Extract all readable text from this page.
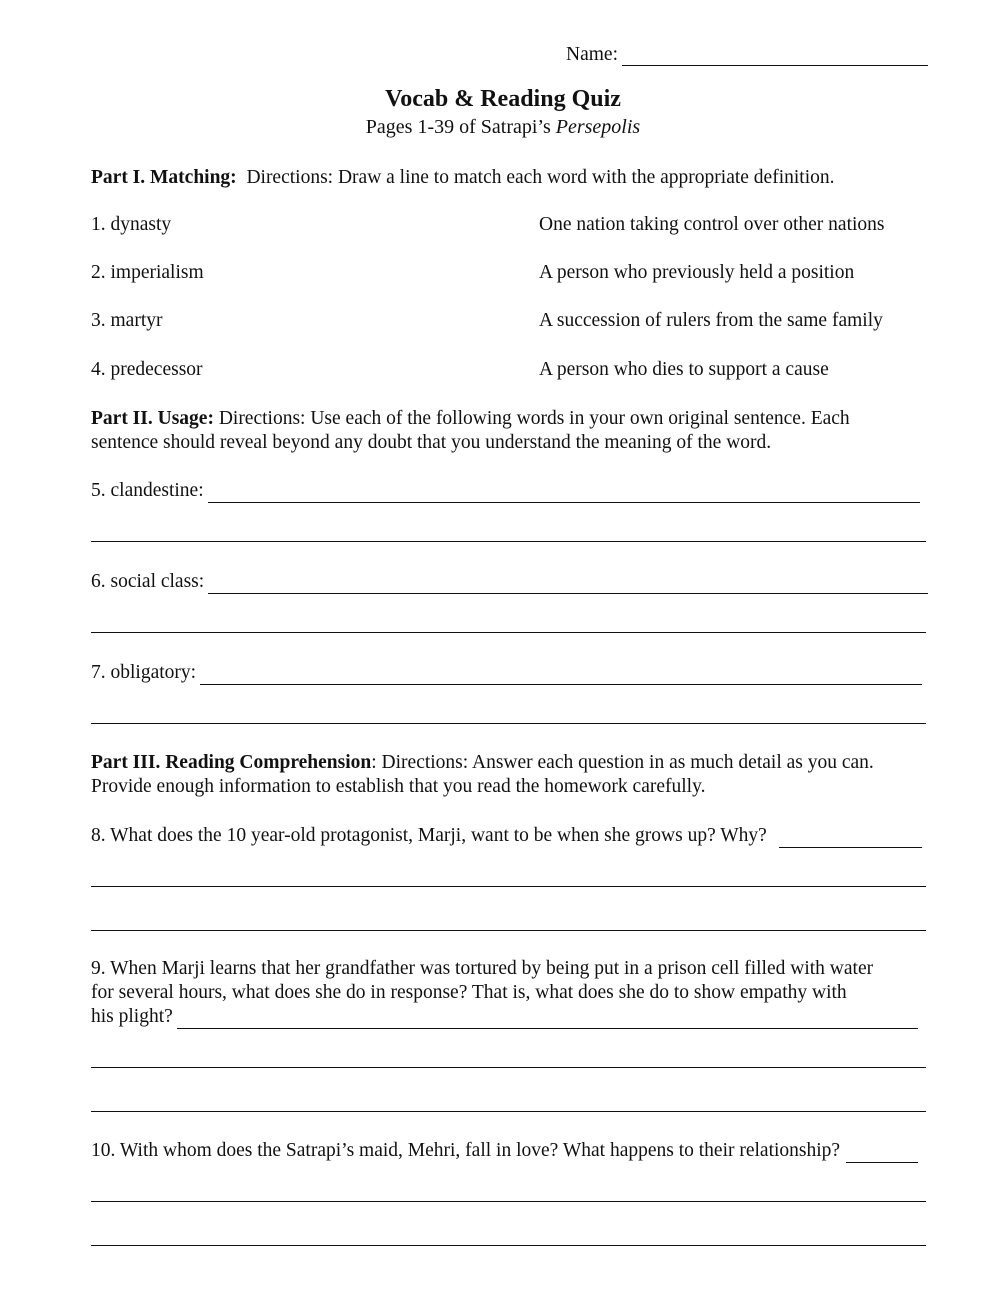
Name:
Vocab & Reading Quiz
Pages 1-39 of Satrapi’s Persepolis
Part I. Matching: Directions: Draw a line to match each word with the appropriate definition.
1. dynasty	One nation taking control over other nations
2. imperialism	A person who previously held a position
3. martyr	A succession of rulers from the same family
4. predecessor	A person who dies to support a cause
Part II. Usage: Directions: Use each of the following words in your own original sentence. Each
sentence should reveal beyond any doubt that you understand the meaning of the word.
5. clandestine:
6. social class:
7. obligatory:
Part III. Reading Comprehension: Directions: Answer each question in as much detail as you can.
Provide enough information to establish that you read the homework carefully.
8. What does the 10 year-old protagonist, Marji, want to be when she grows up? Why?
9. When Marji learns that her grandfather was tortured by being put in a prison cell filled with water
for several hours, what does she do in response? That is, what does she do to show empathy with
his plight?
10. With whom does the Satrapi’s maid, Mehri, fall in love? What happens to their relationship?
